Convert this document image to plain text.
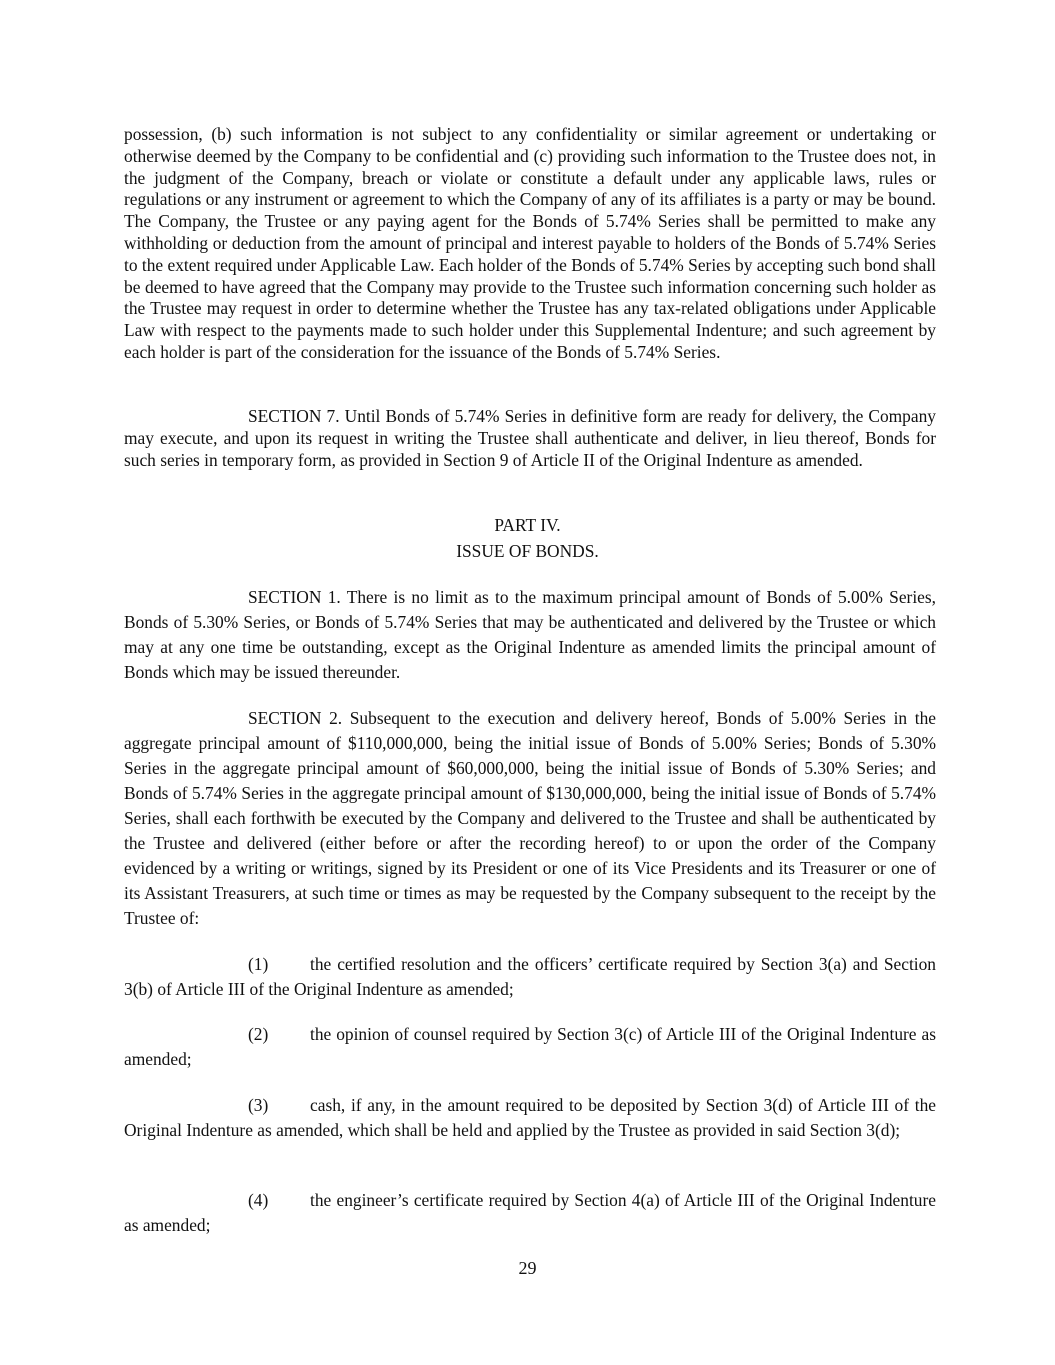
possession, (b) such information is not subject to any confidentiality or similar agreement or undertaking or otherwise deemed by the Company to be confidential and (c) providing such information to the Trustee does not, in the judgment of the Company, breach or violate or constitute a default under any applicable laws, rules or regulations or any instrument or agreement to which the Company of any of its affiliates is a party or may be bound. The Company, the Trustee or any paying agent for the Bonds of 5.74% Series shall be permitted to make any withholding or deduction from the amount of principal and interest payable to holders of the Bonds of 5.74% Series to the extent required under Applicable Law. Each holder of the Bonds of 5.74% Series by accepting such bond shall be deemed to have agreed that the Company may provide to the Trustee such information concerning such holder as the Trustee may request in order to determine whether the Trustee has any tax-related obligations under Applicable Law with respect to the payments made to such holder under this Supplemental Indenture; and such agreement by each holder is part of the consideration for the issuance of the Bonds of 5.74% Series.

SECTION 7. Until Bonds of 5.74% Series in definitive form are ready for delivery, the Company may execute, and upon its request in writing the Trustee shall authenticate and deliver, in lieu thereof, Bonds for such series in temporary form, as provided in Section 9 of Article II of the Original Indenture as amended.

PART IV.
ISSUE OF BONDS.

SECTION 1. There is no limit as to the maximum principal amount of Bonds of 5.00% Series, Bonds of 5.30% Series, or Bonds of 5.74% Series that may be authenticated and delivered by the Trustee or which may at any one time be outstanding, except as the Original Indenture as amended limits the principal amount of Bonds which may be issued thereunder.

SECTION 2. Subsequent to the execution and delivery hereof, Bonds of 5.00% Series in the aggregate principal amount of $110,000,000, being the initial issue of Bonds of 5.00% Series; Bonds of 5.30% Series in the aggregate principal amount of $60,000,000, being the initial issue of Bonds of 5.30% Series; and Bonds of 5.74% Series in the aggregate principal amount of $130,000,000, being the initial issue of Bonds of 5.74% Series, shall each forthwith be executed by the Company and delivered to the Trustee and shall be authenticated by the Trustee and delivered (either before or after the recording hereof) to or upon the order of the Company evidenced by a writing or writings, signed by its President or one of its Vice Presidents and its Treasurer or one of its Assistant Treasurers, at such time or times as may be requested by the Company subsequent to the receipt by the Trustee of:

(1) the certified resolution and the officers’ certificate required by Section 3(a) and Section 3(b) of Article III of the Original Indenture as amended;

(2) the opinion of counsel required by Section 3(c) of Article III of the Original Indenture as amended;

(3) cash, if any, in the amount required to be deposited by Section 3(d) of Article III of the Original Indenture as amended, which shall be held and applied by the Trustee as provided in said Section 3(d);

(4) the engineer’s certificate required by Section 4(a) of Article III of the Original Indenture as amended;

29
